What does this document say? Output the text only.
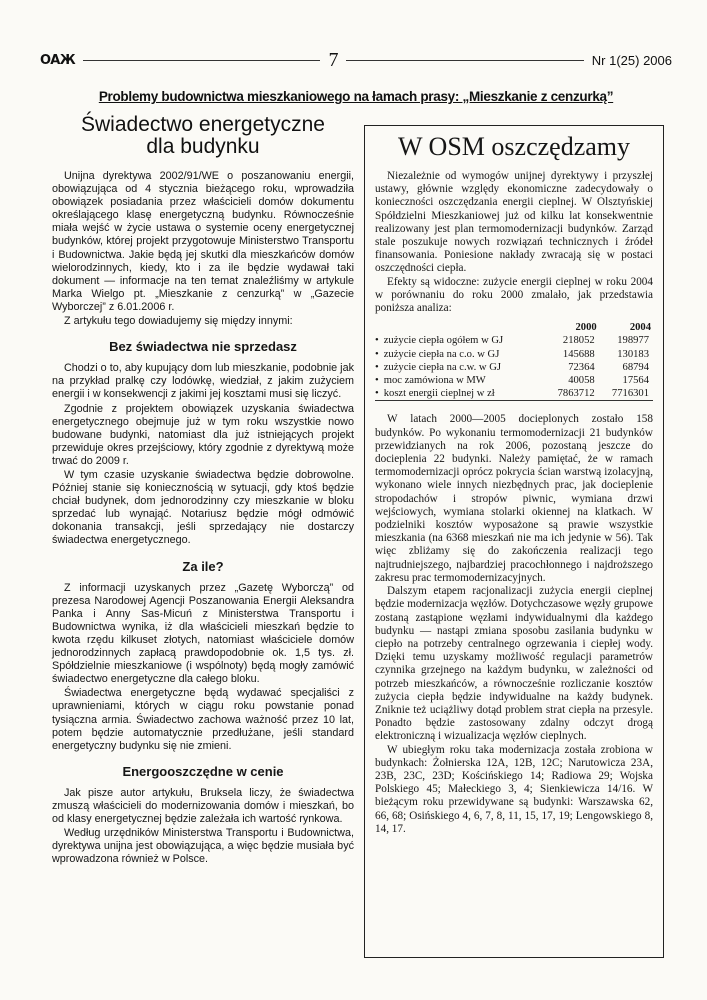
OAЖ	7	Nr 1(25) 2006
Problemy budownictwa mieszkaniowego na łamach prasy: „Mieszkanie z cenzurką”
Świadectwo energetyczne
dla budynku

Unijna dyrektywa 2002/91/WE o poszanowaniu energii, obowiązująca od 4 stycznia bieżącego roku, wprowadziła obowiązek posiadania przez właścicieli domów dokumentu określającego klasę energetyczną budynku. Równocześnie miała wejść w życie ustawa o systemie oceny energetycznej budynków, której projekt przygotowuje Ministerstwo Transportu i Budownictwa. Jakie będą jej skutki dla mieszkańców domów wielorodzinnych, kiedy, kto i za ile będzie wydawał taki dokument — informacje na ten temat znaleźliśmy w artykule Marka Wielgo pt. „Mieszkanie z cenzurką” w „Gazecie Wyborczej” z 6.01.2006 r.

Z artykułu tego dowiadujemy się między innymi:

Bez świadectwa nie sprzedasz

Chodzi o to, aby kupujący dom lub mieszkanie, podobnie jak na przykład pralkę czy lodówkę, wiedział, z jakim zużyciem energii i w konsekwencji z jakimi jej kosztami musi się liczyć.

Zgodnie z projektem obowiązek uzyskania świadectwa energetycznego obejmuje już w tym roku wszystkie nowo budowane budynki, natomiast dla już istniejących projekt przewiduje okres przejściowy, który zgodnie z dyrektywą może trwać do 2009 r.

W tym czasie uzyskanie świadectwa będzie dobrowolne. Później stanie się koniecznością w sytuacji, gdy ktoś będzie chciał budynek, dom jednorodzinny czy mieszkanie w bloku sprzedać lub wynająć. Notariusz będzie mógł odmówić dokonania transakcji, jeśli sprzedający nie dostarczy świadectwa energetycznego.

Za ile?

Z informacji uzyskanych przez „Gazetę Wyborczą” od prezesa Narodowej Agencji Poszanowania Energii Aleksandra Panka i Anny Sas-Micuń z Ministerstwa Transportu i Budownictwa wynika, iż dla właścicieli mieszkań będzie to kwota rzędu kilkuset złotych, natomiast właściciele domów jednorodzinnych zapłacą prawdopodobnie ok. 1,5 tys. zł. Spółdzielnie mieszkaniowe (i wspólnoty) będą mogły zamówić świadectwo energetyczne dla całego bloku.

Świadectwa energetyczne będą wydawać specjaliści z uprawnieniami, których w ciągu roku powstanie ponad tysiączna armia. Świadectwo zachowa ważność przez 10 lat, potem będzie automatycznie przedłużane, jeśli standard energetyczny budynku się nie zmieni.

Energooszczędne w cenie

Jak pisze autor artykułu, Bruksela liczy, że świadectwa zmuszą właścicieli do modernizowania domów i mieszkań, bo od klasy energetycznej będzie zależała ich wartość rynkowa.

Według urzędników Ministerstwa Transportu i Budownictwa, dyrektywa unijna jest obowiązująca, a więc będzie musiała być wprowadzona również w Polsce.

W OSM oszczędzamy

Niezależnie od wymogów unijnej dyrektywy i przyszłej ustawy, głównie względy ekonomiczne zadecydowały o konieczności oszczędzania energii cieplnej. W Olsztyńskiej Spółdzielni Mieszkaniowej już od kilku lat konsekwentnie realizowany jest plan termomodernizacji budynków. Zarząd stale poszukuje nowych rozwiązań technicznych i źródeł finansowania. Poniesione nakłady zwracają się w postaci oszczędności ciepła.

Efekty są widoczne: zużycie energii cieplnej w roku 2004 w porównaniu do roku 2000 zmalało, jak przedstawia poniższa analiza:

	2000	2004
• zużycie ciepła ogółem w GJ	218052	198977
• zużycie ciepła na c.o. w GJ	145688	130183
• zużycie ciepła na c.w. w GJ	72364	68794
• moc zamówiona w MW	40058	17564
• koszt energii cieplnej w zł	7863712	7716301

W latach 2000—2005 docieplonych zostało 158 budynków. Po wykonaniu termomodernizacji 21 budynków przewidzianych na rok 2006, pozostaną jeszcze do docieplenia 22 budynki. Należy pamiętać, że w ramach termomodernizacji oprócz pokrycia ścian warstwą izolacyjną, wykonano wiele innych niezbędnych prac, jak docieplenie stropodachów i stropów piwnic, wymiana drzwi wejściowych, wymiana stolarki okiennej na klatkach. W podzielniki kosztów wyposażone są prawie wszystkie mieszkania (na 6368 mieszkań nie ma ich jedynie w 56). Tak więc zbliżamy się do zakończenia realizacji tego najtrudniejszego, najbardziej pracochłonnego i najdroższego zakresu prac termomodernizacyjnych.

Dalszym etapem racjonalizacji zużycia energii cieplnej będzie modernizacja węzłów. Dotychczasowe węzły grupowe zostaną zastąpione węzłami indywidualnymi dla każdego budynku — nastąpi zmiana sposobu zasilania budynku w ciepło na potrzeby centralnego ogrzewania i ciepłej wody. Dzięki temu uzyskamy możliwość regulacji parametrów czynnika grzejnego na każdym budynku, w zależności od potrzeb mieszkańców, a równocześnie rozliczanie kosztów zużycia ciepła będzie indywidualne na każdy budynek. Zniknie też uciążliwy dotąd problem strat ciepła na przesyle. Ponadto będzie zastosowany zdalny odczyt drogą elektroniczną i wizualizacja węzłów cieplnych.

W ubiegłym roku taka modernizacja została zrobiona w budynkach: Żołnierska 12A, 12B, 12C; Narutowicza 23A, 23B, 23C, 23D; Kościńskiego 14; Radiowa 29; Wojska Polskiego 45; Małeckiego 3, 4; Sienkiewicza 14/16. W bieżącym roku przewidywane są budynki: Warszawska 62, 66, 68; Osińskiego 4, 6, 7, 8, 11, 15, 17, 19; Lengowskiego 8, 14, 17.
